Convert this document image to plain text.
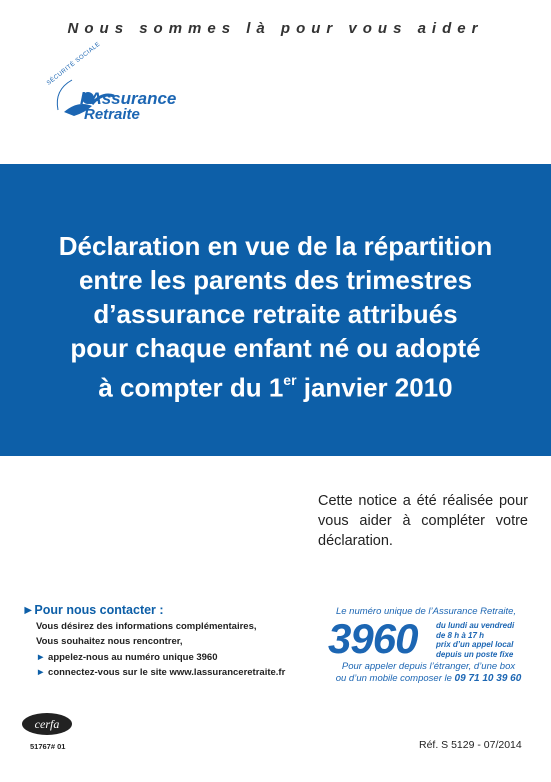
Nous sommes là pour vous aider
SÉCURITÉ SOCIALE
l’Assurance
Retraite
Déclaration en vue de la répartition
entre les parents des trimestres
d’assurance retraite attribués
pour chaque enfant né ou adopté
à compter du 1er janvier 2010
Cette notice a été réalisée pour vous aider à compléter votre déclaration.
►Pour nous contacter :
Vous désirez des informations complémentaires,
Vous souhaitez nous rencontrer,
► appelez-nous au numéro unique 3960
► connectez-vous sur le site www.lassuranceretraite.fr
Le numéro unique de l’Assurance Retraite,
3960 du lundi au vendredi
de 8 h à 17 h
prix d’un appel local
depuis un poste fixe
Pour appeler depuis l’étranger, d’une box
ou d’un mobile composer le 09 71 10 39 60
cerfa
51767# 01	Réf. S 5129 - 07/2014
